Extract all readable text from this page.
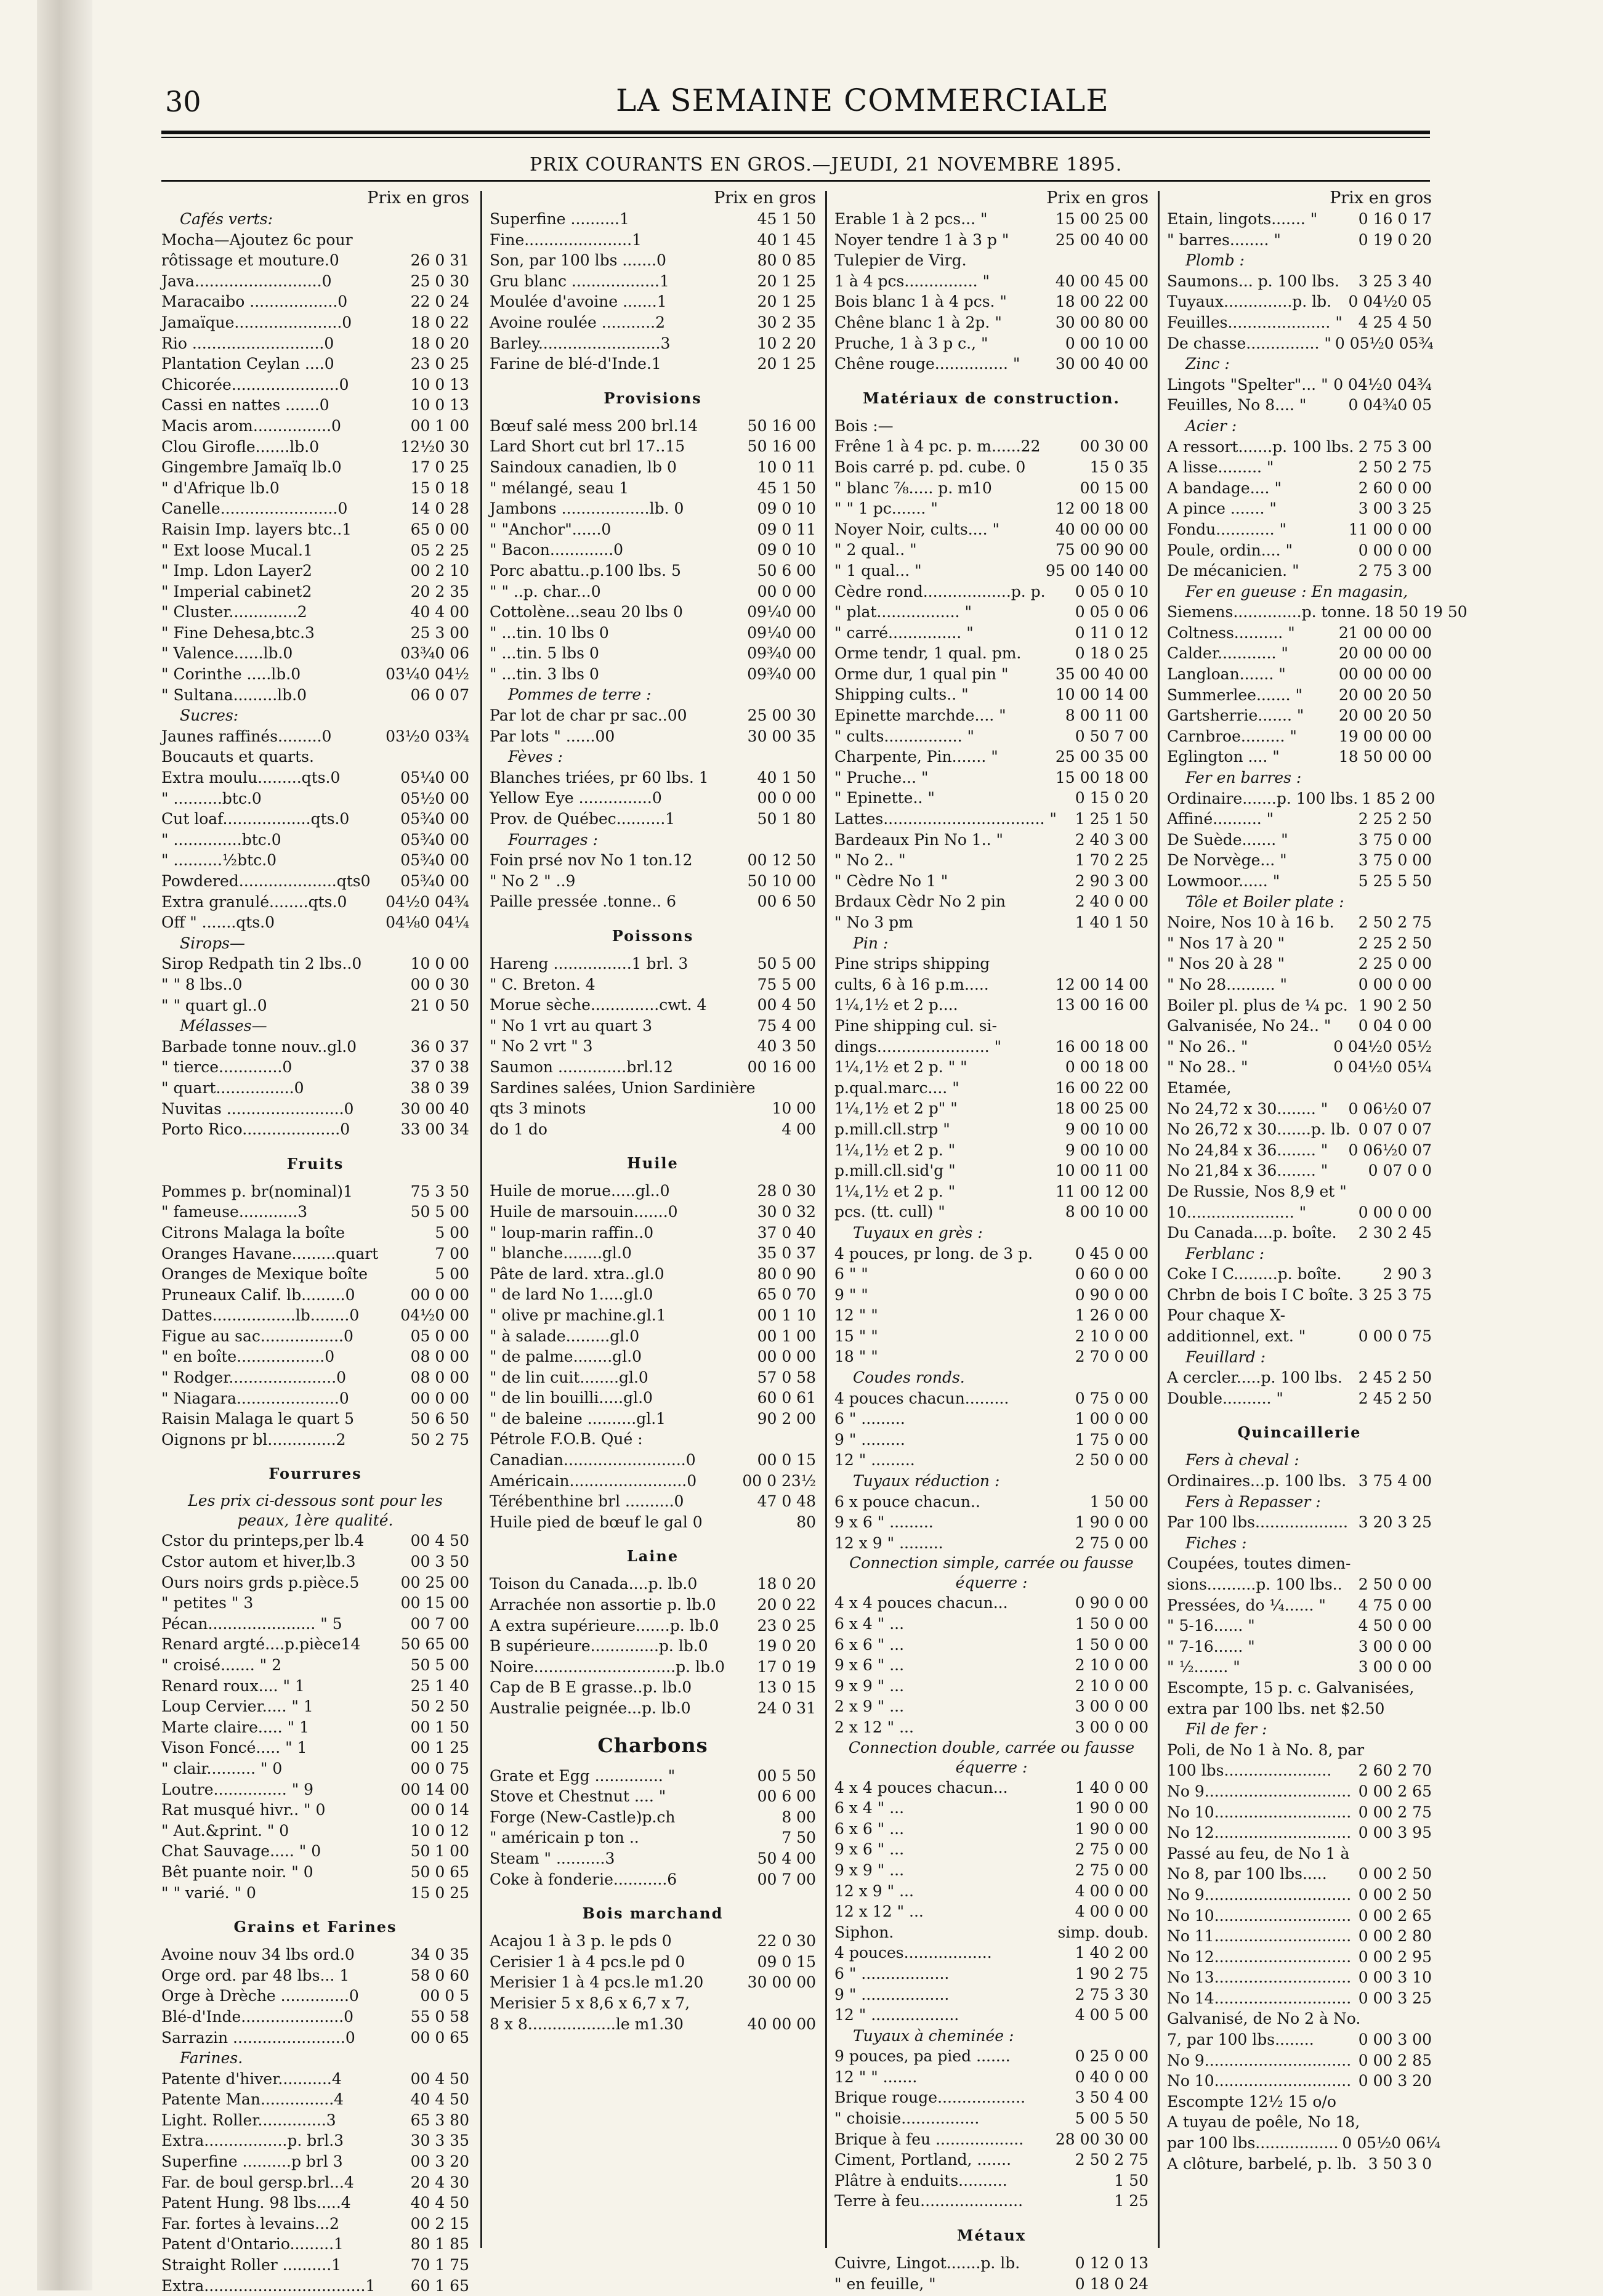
30	LA SEMAINE COMMERCIALE
PRIX COURANTS EN GROS.—JEUDI, 21 NOVEMBRE 1895.
Prix en gros
Cafés verts:
Mocha—Ajoutez 6c pour
rôtissage et mouture.0	26 0 31
Java..........................0	25 0 30
Maracaibo ..................0	22 0 24
Jamaïque......................0	18 0 22
Rio ...........................0	18 0 20
Plantation Ceylan ....0	23 0 25
Chicorée......................0	10 0 13
Cassi en nattes .......0	10 0 13
Macis arom................0	00 1 00
Clou Girofle.......lb.0	12½0 30
Gingembre Jamaïq lb.0	17 0 25
" d'Afrique lb.0	15 0 18
Canelle........................0	14 0 28
Raisin Imp. layers btc..1	65 0 00
" Ext loose Mucal.1	05 2 25
" Imp. Ldon Layer2	00 2 10
" Imperial cabinet2	20 2 35
" Cluster..............2	40 4 00
" Fine Dehesa,btc.3	25 3 00
" Valence......lb.0	03¾0 06
" Corinthe .....lb.0	03¼0 04½
" Sultana.........lb.0	06 0 07
Sucres:
Jaunes raffinés.........0	03½0 03¾
Boucauts et quarts.
Extra moulu.........qts.0	05¼0 00
" ..........btc.0	05½0 00
Cut loaf..................qts.0	05¾0 00
" ..............btc.0	05¾0 00
" ..........½btc.0	05¾0 00
Powdered....................qts0	05¾0 00
Extra granulé........qts.0	04½0 04¾
Off " .......qts.0	04⅛0 04¼
Sirops—
Sirop Redpath tin 2 lbs..0	10 0 00
" " 8 lbs..0	00 0 30
" " quart gl..0	21 0 50
Mélasses—
Barbade tonne nouv..gl.0	36 0 37
" tierce.............0	37 0 38
" quart................0	38 0 39
Nuvitas ........................0	30 00 40
Porto Rico....................0	33 00 34
Fruits
Pommes p. br(nominal)1	75 3 50
" fameuse............3	50 5 00
Citrons Malaga la boîte	5 00
Oranges Havane.........quart	7 00
Oranges de Mexique boîte	5 00
Pruneaux Calif. lb.........0	00 0 00
Dattes.................lb........0	04½0 00
Figue au sac.................0	05 0 00
" en boîte..................0	08 0 00
" Rodger......................0	08 0 00
" Niagara.....................0	00 0 00
Raisin Malaga le quart 5	50 6 50
Oignons pr bl..............2	50 2 75
Fourrures
Les prix ci-dessous sont pour les peaux, 1ère qualité.
Cstor du printeps,per lb.4	00 4 50
Cstor autom et hiver,lb.3	00 3 50
Ours noirs grds p.pièce.5	00 25 00
" petites " 3	00 15 00
Pécan...................... " 5	00 7 00
Renard argté....p.pièce14	50 65 00
" croisé....... " 2	50 5 00
Renard roux.... " 1	25 1 40
Loup Cervier..... " 1	50 2 50
Marte claire..... " 1	00 1 50
Vison Foncé..... " 1	00 1 25
" clair.......... " 0	00 0 75
Loutre............... " 9	00 14 00
Rat musqué hivr.. " 0	00 0 14
" Aut.&print. " 0	10 0 12
Chat Sauvage..... " 0	50 1 00
Bêt puante noir. " 0	50 0 65
" " varié. " 0	15 0 25
Grains et Farines
Avoine nouv 34 lbs ord.0	34 0 35
Orge ord. par 48 lbs... 1	58 0 60
Orge à Drèche ..............0	00 0 5
Blé-d'Inde.....................0	55 0 58
Sarrazin .......................0	00 0 65
Farines.
Patente d'hiver...........4	00 4 50
Patente Man...............4	40 4 50
Light. Roller..............3	65 3 80
Extra.................p. brl.3	30 3 35
Superfine ..........p brl 3	00 3 20
Far. de boul gersp.brl...4	20 4 30
Patent Hung. 98 lbs.....4	40 4 50
Far. fortes à levains...2	00 2 15
Patent d'Ontario.........1	80 1 85
Straight Roller ..........1	70 1 75
Extra.................................1	60 1 65
Prix en gros
Superfine ..........1	45 1 50
Fine......................1	40 1 45
Son, par 100 lbs .......0	80 0 85
Gru blanc ..................1	20 1 25
Moulée d'avoine .......1	20 1 25
Avoine roulée ...........2	30 2 35
Barley.........................3	10 2 20
Farine de blé-d'Inde.1	20 1 25
Provisions
Bœuf salé mess 200 brl.14	50 16 00
Lard Short cut brl 17..15	50 16 00
Saindoux canadien, lb 0	10 0 11
" mélangé, seau 1	45 1 50
Jambons ..................lb. 0	09 0 10
" "Anchor"......0	09 0 11
" Bacon.............0	09 0 10
Porc abattu..p.100 lbs. 5	50 6 00
" " ..p. char...0	00 0 00
Cottolène...seau 20 lbs 0	09¼0 00
" ...tin. 10 lbs 0	09¼0 00
" ...tin. 5 lbs 0	09¾0 00
" ...tin. 3 lbs 0	09¾0 00
Pommes de terre :
Par lot de char pr sac..00	25 00 30
Par lots " ......00	30 00 35
Fèves :
Blanches triées, pr 60 lbs. 1	40 1 50
Yellow Eye ...............0	00 0 00
Prov. de Québec..........1	50 1 80
Fourrages :
Foin prsé nov No 1 ton.12	00 12 50
" No 2 " ..9	50 10 00
Paille pressée .tonne.. 6	00 6 50
Poissons
Hareng ................1 brl. 3	50 5 00
" C. Breton. 4	75 5 00
Morue sèche..............cwt. 4	00 4 50
" No 1 vrt au quart 3	75 4 00
" No 2 vrt " 3	40 3 50
Saumon ..............brl.12	00 16 00
Sardines salées, Union Sardinière
qts 3 minots	10 00
do 1 do	4 00
Huile
Huile de morue.....gl..0	28 0 30
Huile de marsouin.......0	30 0 32
" loup-marin raffin..0	37 0 40
" blanche........gl.0	35 0 37
Pâte de lard. xtra..gl.0	80 0 90
" de lard No 1.....gl.0	65 0 70
" olive pr machine.gl.1	00 1 10
" à salade.........gl.0	00 1 00
" de palme........gl.0	00 0 00
" de lin cuit........gl.0	57 0 58
" de lin bouilli.....gl.0	60 0 61
" de baleine ..........gl.1	90 2 00
Pétrole F.O.B. Qué :
Canadian.........................0	00 0 15
Américain........................0	00 0 23½
Térébenthine brl ..........0	47 0 48
Huile pied de bœuf le gal 0	80
Laine
Toison du Canada....p. lb.0	18 0 20
Arrachée non assortie p. lb.0	20 0 22
A extra supérieure.......p. lb.0	23 0 25
B supérieure..............p. lb.0	19 0 20
Noire.............................p. lb.0	17 0 19
Cap de B E grasse..p. lb.0	13 0 15
Australie peignée...p. lb.0	24 0 31
Charbons
Grate et Egg .............. "	00 5 50
Stove et Chestnut .... "	00 6 00
Forge (New-Castle)p.ch	8 00
" américain p ton ..	7 50
Steam " ..........3	50 4 00
Coke à fonderie...........6	00 7 00
Bois marchand
Acajou 1 à 3 p. le pds 0	22 0 30
Cerisier 1 à 4 pcs.le pd 0	09 0 15
Merisier 1 à 4 pcs.le m1.20	30 00 00
Merisier 5 x 8,6 x 6,7 x 7,
8 x 8..................le m1.30	40 00 00
Prix en gros
Erable 1 à 2 pcs... "	15 00 25 00
Noyer tendre 1 à 3 p "	25 00 40 00
Tulepier de Virg.
1 à 4 pcs............... "	40 00 45 00
Bois blanc 1 à 4 pcs. "	18 00 22 00
Chêne blanc 1 à 2p. "	30 00 80 00
Pruche, 1 à 3 p c., "	0 00 10 00
Chêne rouge............... "	30 00 40 00
Matériaux de construction.
Bois :—
Frêne 1 à 4 pc. p. m......22	00 30 00
Bois carré p. pd. cube. 0	15 0 35
" blanc ⅞..... p. m10	00 15 00
" " 1 pc....... "	12 00 18 00
Noyer Noir, cults.... "	40 00 00 00
" 2 qual.. "	75 00 90 00
" 1 qual... "	95 00 140 00
Cèdre rond..................p. p.	0 05 0 10
" plat................. "	0 05 0 06
" carré............... "	0 11 0 12
Orme tendr, 1 qual. pm.	0 18 0 25
Orme dur, 1 qual pin "	35 00 40 00
Shipping cults.. "	10 00 14 00
Epinette marchde.... "	8 00 11 00
" cults................ "	0 50 7 00
Charpente, Pin....... "	25 00 35 00
" Pruche... "	15 00 18 00
" Epinette.. "	0 15 0 20
Lattes................................. "	1 25 1 50
Bardeaux Pin No 1.. "	2 40 3 00
" No 2.. "	1 70 2 25
" Cèdre No 1 "	2 90 3 00
Brdaux Cèdr No 2 pin	2 40 0 00
" No 3 pm	1 40 1 50
Pin :
Pine strips shipping
cults, 6 à 16 p.m.....	12 00 14 00
1¼,1½ et 2 p....	13 00 16 00
Pine shipping cul. si-
dings....................... "	16 00 18 00
1¼,1½ et 2 p. " "	0 00 18 00
p.qual.marc.... "	16 00 22 00
1¼,1½ et 2 p" "	18 00 25 00
p.mill.cll.strp "	9 00 10 00
1¼,1½ et 2 p. "	9 00 10 00
p.mill.cll.sid'g "	10 00 11 00
1¼,1½ et 2 p. "	11 00 12 00
pcs. (tt. cull) "	8 00 10 00
Tuyaux en grès :
4 pouces, pr long. de 3 p.	0 45 0 00
6 " "	0 60 0 00
9 " "	0 90 0 00
12 " "	1 26 0 00
15 " "	2 10 0 00
18 " "	2 70 0 00
Coudes ronds.
4 pouces chacun.........	0 75 0 00
6 " .........	1 00 0 00
9 " .........	1 75 0 00
12 " .........	2 50 0 00
Tuyaux réduction :
6 x pouce chacun..	1 50 00
9 x 6 " .........	1 90 0 00
12 x 9 " .........	2 75 0 00
Connection simple, carrée ou fausse équerre :
4 x 4 pouces chacun...	0 90 0 00
6 x 4 " ...	1 50 0 00
6 x 6 " ...	1 50 0 00
9 x 6 " ...	2 10 0 00
9 x 9 " ...	2 10 0 00
2 x 9 " ...	3 00 0 00
2 x 12 " ...	3 00 0 00
Connection double, carrée ou fausse équerre :
4 x 4 pouces chacun...	1 40 0 00
6 x 4 " ...	1 90 0 00
6 x 6 " ...	1 90 0 00
9 x 6 " ...	2 75 0 00
9 x 9 " ...	2 75 0 00
12 x 9 " ...	4 00 0 00
12 x 12 " ...	4 00 0 00
Siphon.	simp. doub.
4 pouces..................	1 40 2 00
6 " ..................	1 90 2 75
9 " ..................	2 75 3 30
12 " ..................	4 00 5 00
Tuyaux à cheminée :
9 pouces, pa pied .......	0 25 0 00
12 " " .......	0 40 0 00
Brique rouge..................	3 50 4 00
" choisie................	5 00 5 50
Brique à feu ..................	28 00 30 00
Ciment, Portland, .......	2 50 2 75
Plâtre à enduits..........	1 50
Terre à feu.....................	1 25
Métaux
Cuivre, Lingot.......p. lb.	0 12 0 13
" en feuille, "	0 18 0 24
Prix en gros
Etain, lingots....... "	0 16 0 17
" barres........ "	0 19 0 20
Plomb :
Saumons... p. 100 lbs.	3 25 3 40
Tuyaux..............p. lb.	0 04½0 05
Feuilles..................... "	4 25 4 50
De chasse............... " 0 05½0 05¾
Zinc :
Lingots "Spelter"... " 0 04½0 04¾
Feuilles, No 8.... "	0 04¾0 05
Acier :
A ressort.......p. 100 lbs. 2 75 3 00
A lisse......... "	2 50 2 75
A bandage.... "	2 60 0 00
A pince ....... "	3 00 3 25
Fondu............ "	11 00 0 00
Poule, ordin.... "	0 00 0 00
De mécanicien. "	2 75 3 00
Fer en gueuse : En magasin,
Siemens..............p. tonne. 18 50 19 50
Coltness.......... "	21 00 00 00
Calder............ "	20 00 00 00
Langloan....... "	00 00 00 00
Summerlee....... "	20 00 20 50
Gartsherrie....... "	20 00 20 50
Carnbroe......... "	19 00 00 00
Eglington .... "	18 50 00 00
Fer en barres :
Ordinaire.......p. 100 lbs. 1 85 2 00
Affiné.......... "	2 25 2 50
De Suède....... "	3 75 0 00
De Norvège... "	3 75 0 00
Lowmoor...... "	5 25 5 50
Tôle et Boiler plate :
Noire, Nos 10 à 16 b.	2 50 2 75
" Nos 17 à 20 "	2 25 2 50
" Nos 20 à 28 "	2 25 0 00
" No 28.......... "	0 00 0 00
Boiler pl. plus de ¼ pc. 1 90 2 50
Galvanisée, No 24.. "	0 04 0 00
" No 26.. "	0 04½0 05½
" No 28.. "	0 04½0 05¼
Etamée,
No 24,72 x 30........ "	0 06½0 07
No 26,72 x 30.......p. lb. 0 07 0 07
No 24,84 x 36........ "	0 06½0 07
No 21,84 x 36........ "	0 07 0 0
De Russie, Nos 8,9 et "
10...................... "	0 00 0 00
Du Canada....p. boîte.	2 30 2 45
Ferblanc :
Coke I C.........p. boîte.	2 90 3
Chrbn de bois I C boîte. 3 25 3 75
Pour chaque X-
additionnel, ext. "	0 00 0 75
Feuillard :
A cercler.....p. 100 lbs.	2 45 2 50
Double.......... "	2 45 2 50
Quincaillerie
Fers à cheval :
Ordinaires...p. 100 lbs. 3 75 4 00
Fers à Repasser :
Par 100 lbs................... 3 20 3 25
Fiches :
Coupées, toutes dimen-
sions..........p. 100 lbs..	2 50 0 00
Pressées, do ¼...... "	4 75 0 00
" 5-16...... "	4 50 0 00
" 7-16...... "	3 00 0 00
" ½....... "	3 00 0 00
Escompte, 15 p. c. Galvanisées,
extra par 100 lbs. net $2.50
Fil de fer :
Poli, de No 1 à No. 8, par
100 lbs......................	2 60 2 70
No 9.............................. 0 00 2 65
No 10............................ 0 00 2 75
No 12............................ 0 00 3 95
Passé au feu, de No 1 à
No 8, par 100 lbs.....	0 00 2 50
No 9.............................. 0 00 2 50
No 10............................ 0 00 2 65
No 11............................ 0 00 2 80
No 12............................ 0 00 2 95
No 13............................ 0 00 3 10
No 14............................ 0 00 3 25
Galvanisé, de No 2 à No.
7, par 100 lbs........	0 00 3 00
No 9.............................. 0 00 2 85
No 10............................ 0 00 3 20
Escompte 12½ 15 o/o
A tuyau de poêle, No 18,
par 100 lbs................. 0 05½0 06¼
A clôture, barbelé, p. lb. 3 50 3 0
